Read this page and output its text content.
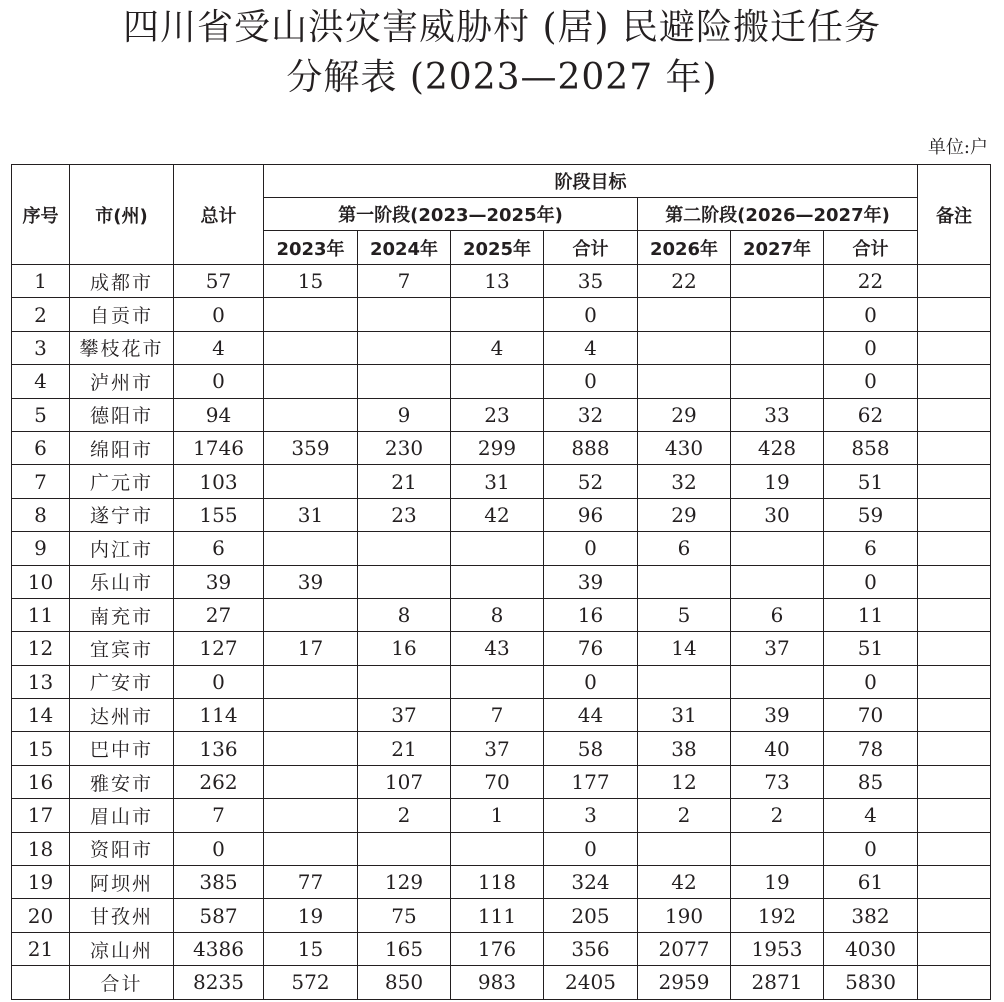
四川省受山洪灾害威胁村 (居) 民避险搬迁任务
分解表 (2023—2027 年)
单位:户
序号	市(州)	总计	阶段目标							备注
			第一阶段(2023—2025年)				第二阶段(2026—2027年)			
			2023年	2024年	2025年	合计	2026年	2027年	合计	
1	成都市	57	15	7	13	35	22		22	
2	自贡市	0				0			0	
3	攀枝花市	4			4	4			0	
4	泸州市	0				0			0	
5	德阳市	94		9	23	32	29	33	62	
6	绵阳市	1746	359	230	299	888	430	428	858	
7	广元市	103		21	31	52	32	19	51	
8	遂宁市	155	31	23	42	96	29	30	59	
9	内江市	6				0	6		6	
10	乐山市	39	39			39			0	
11	南充市	27		8	8	16	5	6	11	
12	宜宾市	127	17	16	43	76	14	37	51	
13	广安市	0				0			0	
14	达州市	114		37	7	44	31	39	70	
15	巴中市	136		21	37	58	38	40	78	
16	雅安市	262		107	70	177	12	73	85	
17	眉山市	7		2	1	3	2	2	4	
18	资阳市	0				0			0	
19	阿坝州	385	77	129	118	324	42	19	61	
20	甘孜州	587	19	75	111	205	190	192	382	
21	凉山州	4386	15	165	176	356	2077	1953	4030	
	合计	8235	572	850	983	2405	2959	2871	5830	
